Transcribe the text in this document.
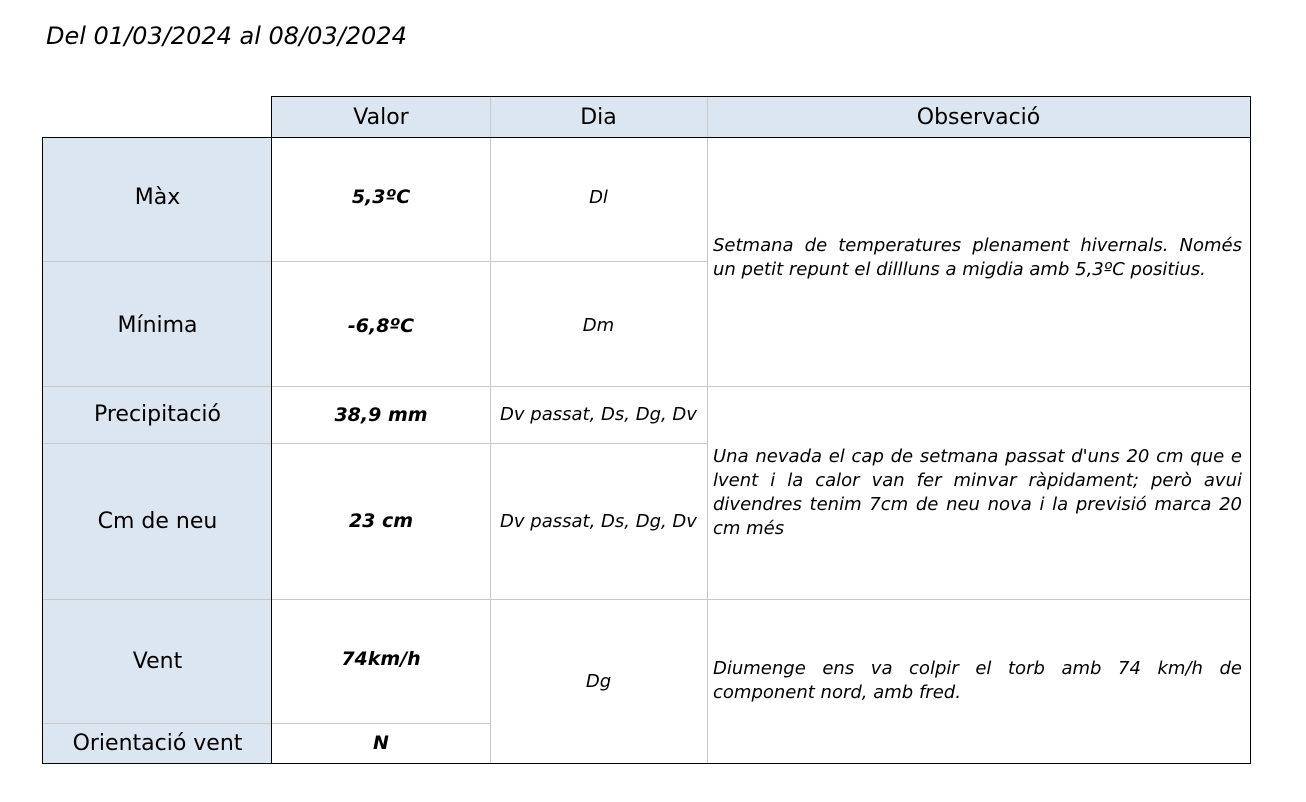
Del 01/03/2024 al 08/03/2024
Valor	Dia	Observació
Màx
Mínima
Precipitació
Cm de neu
Vent
Orientació vent
5,3ºC
-6,8ºC
38,9 mm
23 cm
74km/h
N
Dl
Dm
Dv passat, Ds, Dg, Dv
Dv passat, Ds, Dg, Dv
Dg
Setmana de temperatures plenament hivernals. Només un petit repunt el dillluns a migdia amb 5,3ºC positius.
Una nevada el cap de setmana passat d'uns 20 cm que e lvent i la calor van fer minvar ràpidament; però avui divendres tenim 7cm de neu nova i la previsió marca 20 cm més
Diumenge ens va colpir el torb amb 74 km/h de component nord, amb fred.
